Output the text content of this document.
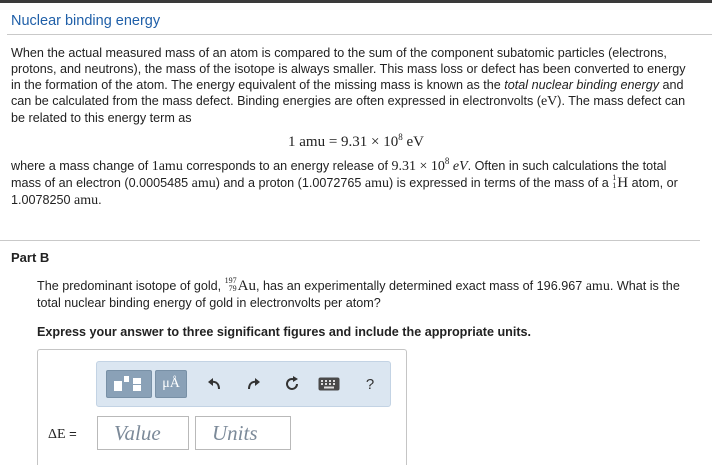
Nuclear binding energy

When the actual measured mass of an atom is compared to the sum of the component subatomic particles (electrons, protons, and neutrons), the mass of the isotope is always smaller. This mass loss or defect has been converted to energy in the formation of the atom. The energy equivalent of the missing mass is known as the total nuclear binding energy and can be calculated from the mass defect. Binding energies are often expressed in electronvolts (eV). The mass defect can be related to this energy term as

1 amu = $9.31 \times 10^8$ eV

where a mass change of 1amu corresponds to an energy release of $9.31 \times 10^8$ eV. Often in such calculations the total mass of an electron (0.0005485 amu) and a proton (1.0072765 amu) is expressed in terms of the mass of a 1
1 H atom, or 1.0078250 amu.

Part B

The predominant isotope of gold, 197
79 Au, has an experimentally determined exact mass of 196.967 amu. What is the total nuclear binding energy of gold in electronvolts per atom?

Express your answer to three significant figures and include the appropriate units.

μÅ	?
ΔE =
Value
Units
